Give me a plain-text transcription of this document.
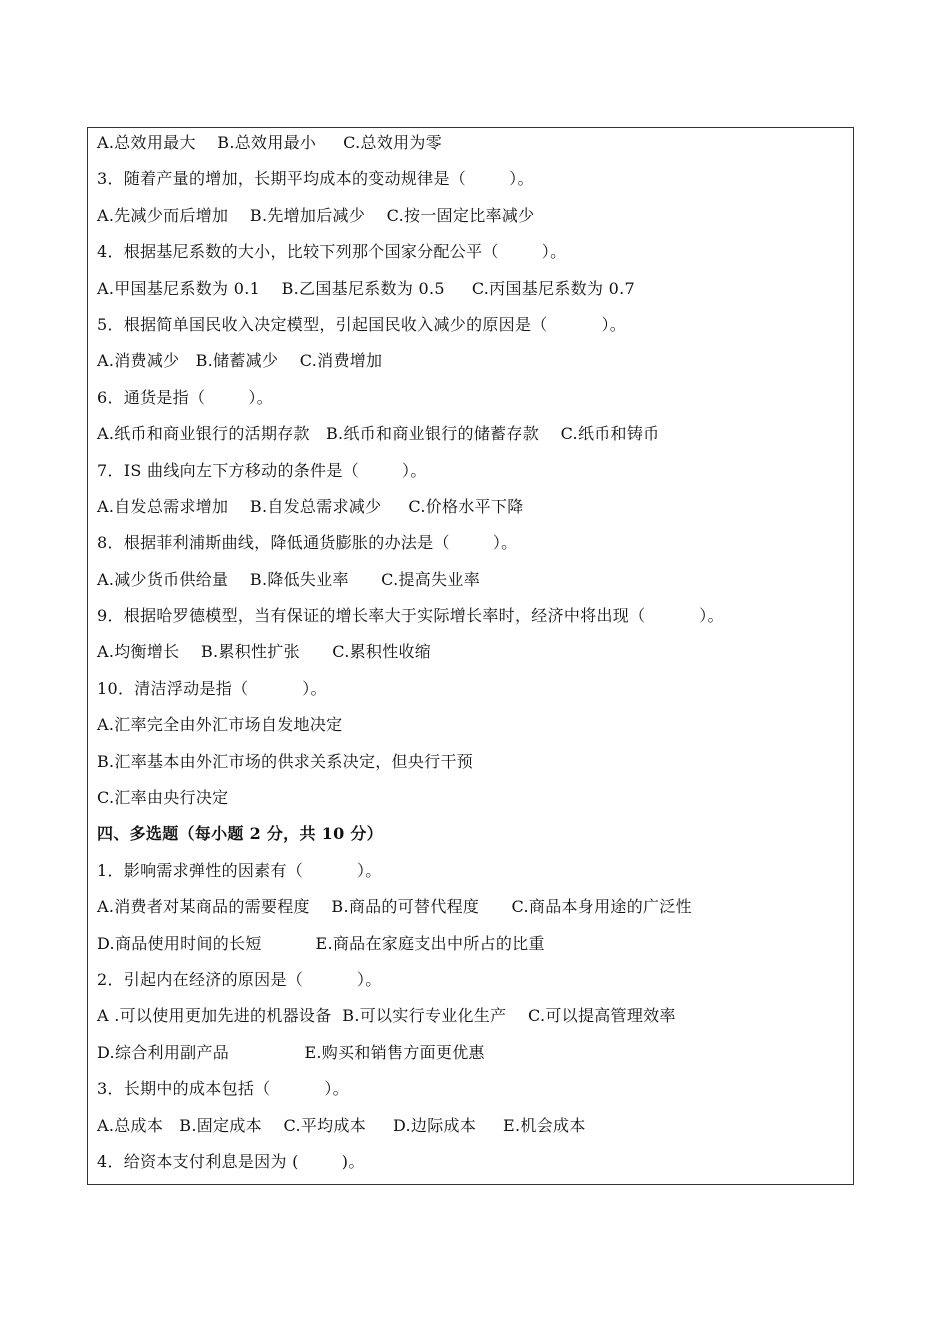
A.总效用最大    B.总效用最小     C.总效用为零
3．随着产量的增加，长期平均成本的变动规律是（        ）。
A.先减少而后增加    B.先增加后减少    C.按一固定比率减少
4．根据基尼系数的大小，比较下列那个国家分配公平（        ）。
A.甲国基尼系数为 0.1    B.乙国基尼系数为 0.5     C.丙国基尼系数为 0.7
5．根据简单国民收入决定模型，引起国民收入减少的原因是（          ）。
A.消费减少   B.储蓄减少    C.消费增加
6．通货是指（        ）。
A.纸币和商业银行的活期存款   B.纸币和商业银行的储蓄存款    C.纸币和铸币
7．IS 曲线向左下方移动的条件是（        ）。
A.自发总需求增加    B.自发总需求减少     C.价格水平下降
8．根据菲利浦斯曲线，降低通货膨胀的办法是（        ）。
A.减少货币供给量    B.降低失业率      C.提高失业率
9．根据哈罗德模型，当有保证的增长率大于实际增长率时，经济中将出现（          ）。
A.均衡增长    B.累积性扩张      C.累积性收缩
10．清洁浮动是指（          ）。
A.汇率完全由外汇市场自发地决定
B.汇率基本由外汇市场的供求关系决定，但央行干预
C.汇率由央行决定
四、多选题（每小题 2 分，共 10 分）
1．影响需求弹性的因素有（          ）。
A.消费者对某商品的需要程度    B.商品的可替代程度      C.商品本身用途的广泛性
D.商品使用时间的长短          E.商品在家庭支出中所占的比重
2．引起内在经济的原因是（          ）。
A .可以使用更加先进的机器设备  B.可以实行专业化生产    C.可以提高管理效率
D.综合利用副产品              E.购买和销售方面更优惠
3．长期中的成本包括（          ）。
A.总成本   B.固定成本    C.平均成本     D.边际成本     E.机会成本
4．给资本支付利息是因为 (        )。
